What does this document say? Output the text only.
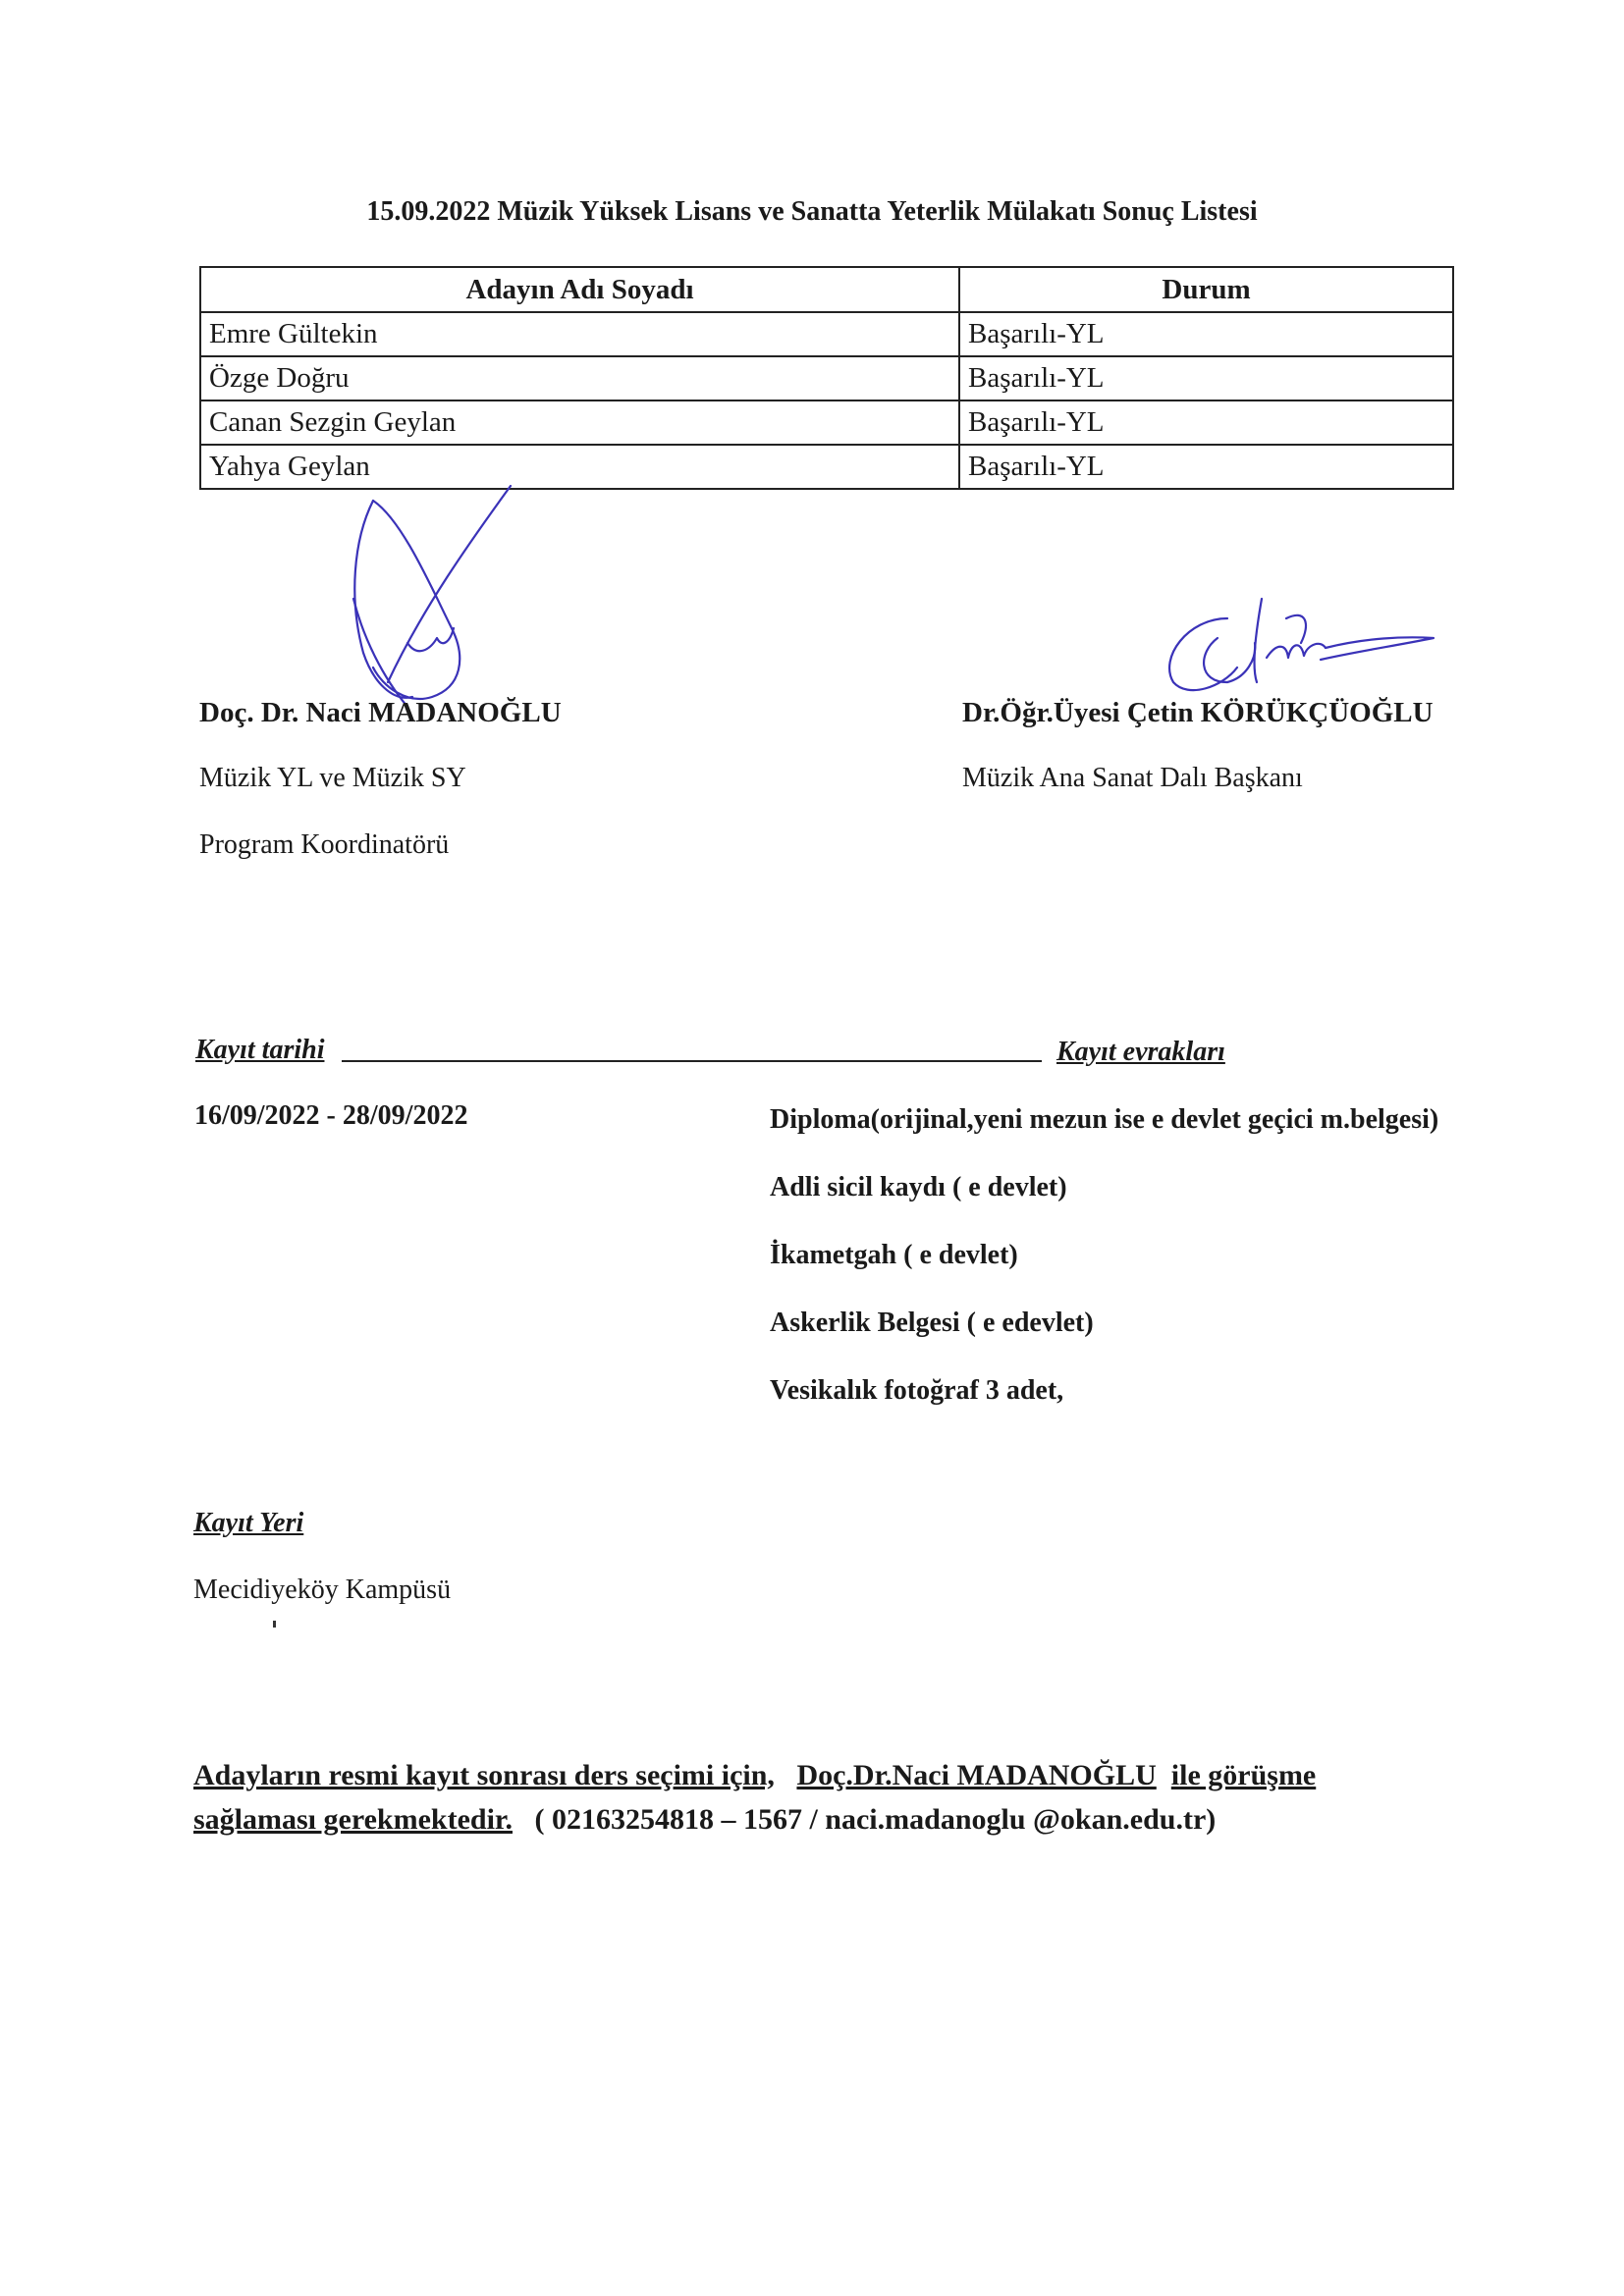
15.09.2022 Müzik Yüksek Lisans ve Sanatta Yeterlik Mülakatı Sonuç Listesi
Adayın Adı Soyadı	Durum
Emre Gültekin	Başarılı-YL
Özge Doğru	Başarılı-YL
Canan Sezgin Geylan	Başarılı-YL
Yahya Geylan	Başarılı-YL
Doç. Dr. Naci MADANOĞLU
Müzik YL ve Müzik SY
Program Koordinatörü
Dr.Öğr.Üyesi Çetin KÖRÜKÇÜOĞLU
Müzik Ana Sanat Dalı Başkanı
Kayıt tarihi	Kayıt evrakları
16/09/2022 - 28/09/2022	Diploma(orijinal,yeni mezun ise e devlet geçici m.belgesi)
Adli sicil kaydı ( e devlet)
İkametgah ( e devlet)
Askerlik Belgesi ( e edevlet)
Vesikalık fotoğraf 3 adet,
Kayıt Yeri
Mecidiyeköy Kampüsü
Adayların resmi kayıt sonrası ders seçimi için, Doç.Dr.Naci MADANOĞLU ile görüşme
sağlaması gerekmektedir. ( 02163254818 – 1567 / naci.madanoglu @okan.edu.tr)
